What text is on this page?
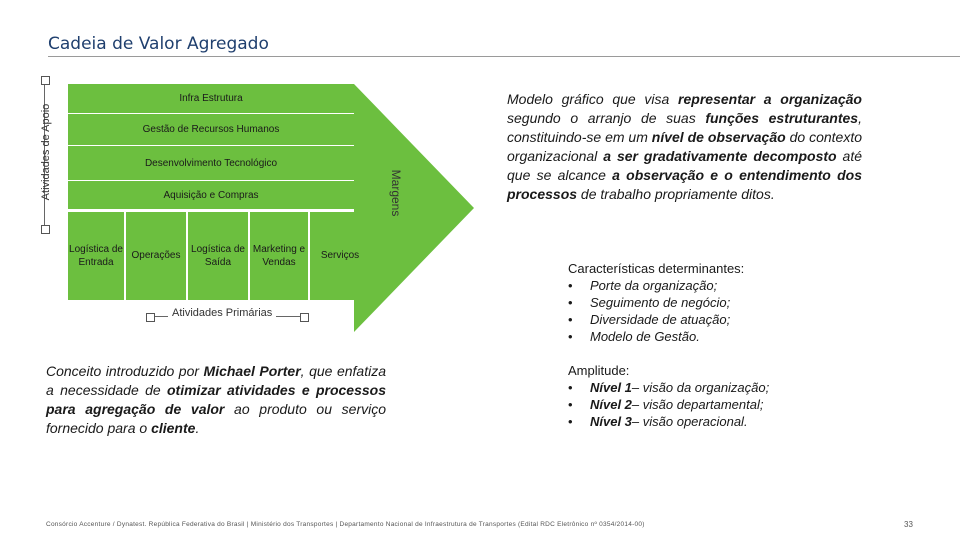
Cadeia de Valor Agregado
Atividades de Apoio	Margens
Infra Estrutura
Gestão de Recursos Humanos
Desenvolvimento Tecnológico
Aquisição e Compras
Logística de Entrada
Operações
Logística de Saída
Marketing e Vendas
Serviços
Atividades Primárias

Modelo gráfico que visa representar a organização segundo o arranjo de suas funções estruturantes, constituindo-se em um nível de observação do contexto organizacional a ser gradativamente decomposto até que se alcance a observação e o entendimento dos processos de trabalho propriamente ditos.

Conceito introduzido por Michael Porter, que enfatiza a necessidade de otimizar atividades e processos para agregação de valor ao produto ou serviço fornecido para o cliente.

Características determinantes:
•	Porte da organização;
•	Seguimento de negócio;
•	Diversidade de atuação;
•	Modelo de Gestão.
Amplitude:
•	Nível 1 – visão da organização;
•	Nível 2 – visão departamental;
•	Nível 3 – visão operacional.
Consórcio Accenture / Dynatest. República Federativa do Brasil | Ministério dos Transportes | Departamento Nacional de Infraestrutura de Transportes (Edital RDC Eletrônico nº 0354/2014-00)	33
